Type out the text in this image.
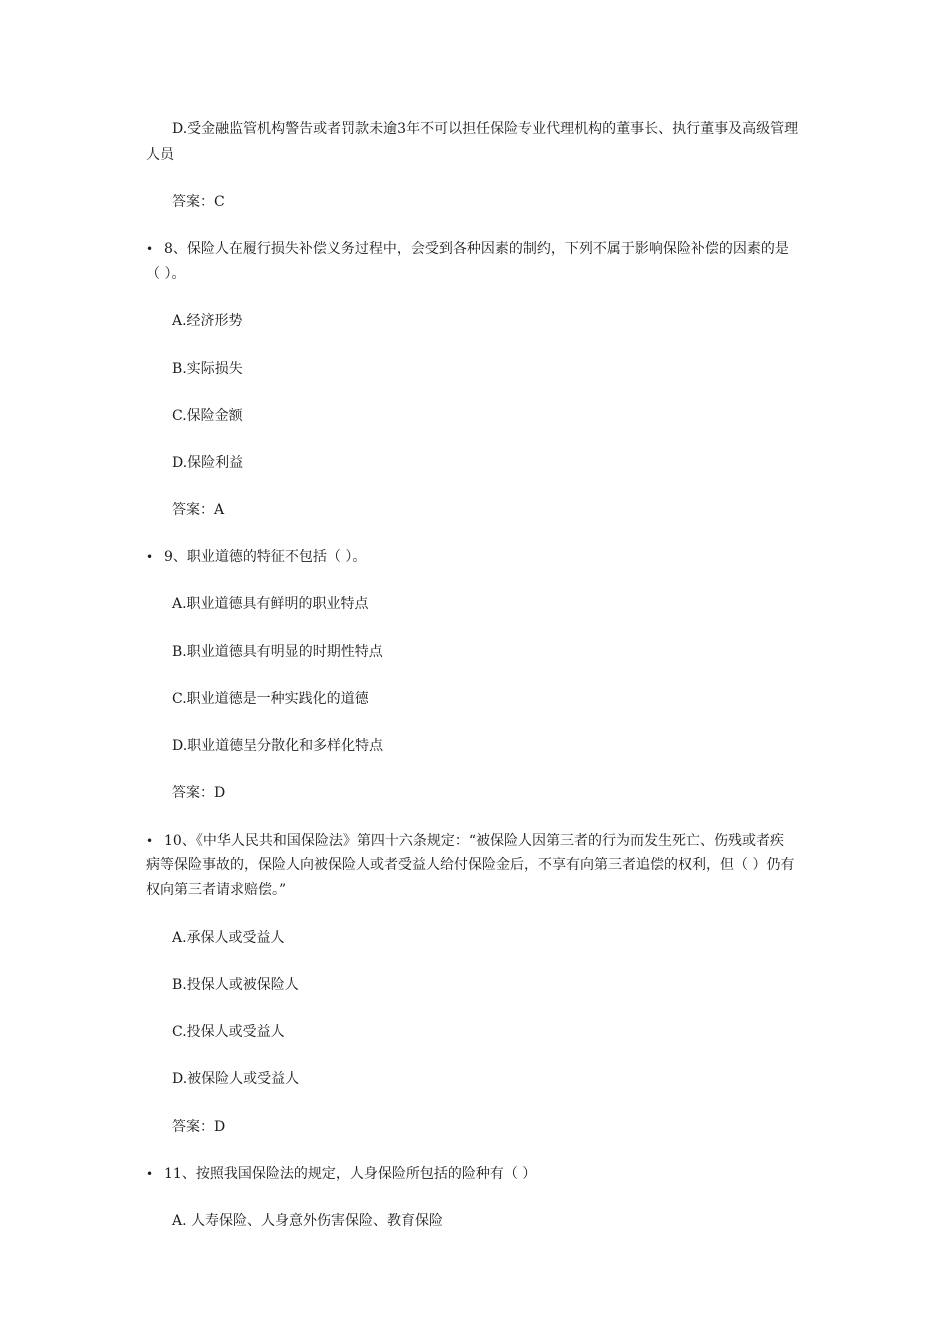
D.受金融监管机构警告或者罚款未逾3年不可以担任保险专业代理机构的董事长、执行董事及高级管理
人员
答案：C
• 8、保险人在履行损失补偿义务过程中，会受到各种因素的制约，下列不属于影响保险补偿的因素的是
（ ）。
A.经济形势
B.实际损失
C.保险金额
D.保险利益
答案：A
• 9、职业道德的特征不包括（ ）。
A.职业道德具有鲜明的职业特点
B.职业道德具有明显的时期性特点
C.职业道德是一种实践化的道德
D.职业道德呈分散化和多样化特点
答案：D
• 10、《中华人民共和国保险法》第四十六条规定：“被保险人因第三者的行为而发生死亡、伤残或者疾
病等保险事故的，保险人向被保险人或者受益人给付保险金后，不享有向第三者追偿的权利，但（ ）仍有
权向第三者请求赔偿。”
A.承保人或受益人
B.投保人或被保险人
C.投保人或受益人
D.被保险人或受益人
答案：D
• 11、按照我国保险法的规定，人身保险所包括的险种有（ ）
A. 人寿保险、人身意外伤害保险、教育保险
